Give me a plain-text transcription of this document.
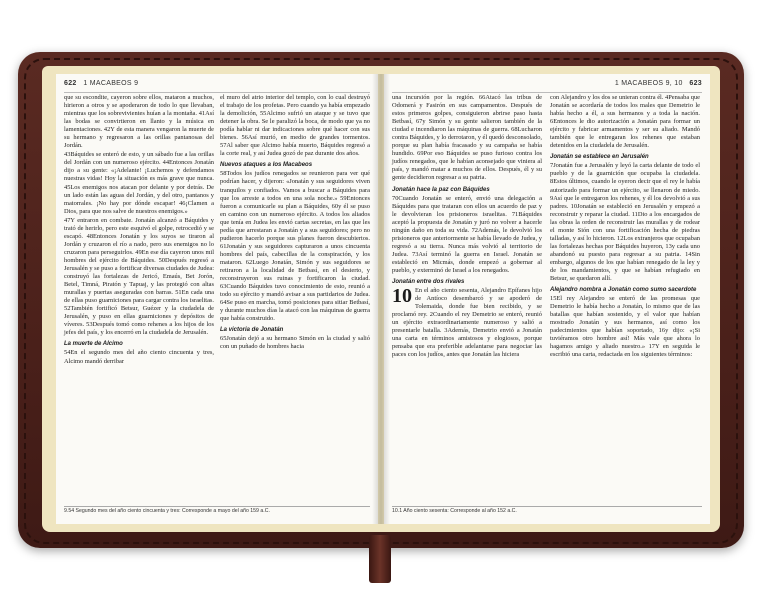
622 1 MACABEOS 9

que su escondite, cayeron sobre ellos, mataron a muchos, hirieron a otros y se apoderaron de todo lo que llevaban, mientras que los sobrevivientes huían a la montaña. 41Así las bodas se convirtieron en llanto y la música en lamentaciones. 42Y de esta manera vengaron la muerte de su hermano y regresaron a las orillas pantanosas del Jordán.

43Báquides se enteró de esto, y un sábado fue a las orillas del Jordán con un numeroso ejército. 44Entonces Jonatán dijo a su gente: «¡Adelante! ¡Luchemos y defendamos nuestras vidas! Hoy la situación es más grave que nunca. 45Los enemigos nos atacan por delante y por detrás. De un lado están las aguas del Jordán, y del otro, pantanos y matorrales. ¡No hay por dónde escapar! 46¡Clamen a Dios, para que nos salve de nuestros enemigos.»

47Y entraron en combate. Jonatán alcanzó a Báquides y trató de herirlo, pero este esquivó el golpe, retrocedió y se escapó. 48Entonces Jonatán y los suyos se tiraron al Jordán y cruzaron el río a nado, pero sus enemigos no lo cruzaron para perseguirlos. 49En ese día cayeron unos mil hombres del ejército de Báquides. 50Después regresó a Jerusalén y se puso a fortificar diversas ciudades de Judea: construyó las fortalezas de Jericó, Emaús, Bet Jorón, Betel, Timná, Piratón y Tapuaj, y las protegió con altas murallas y puertas aseguradas con barras. 51En cada una de ellas puso guarniciones para cargar contra los israelitas. 52También fortificó Betsur, Guézer y la ciudadela de Jerusalén, y puso en ellas guarniciones y depósitos de víveres. 53Después tomó como rehenes a los hijos de los jefes del país, y los encerró en la ciudadela de Jerusalén.

La muerte de Alcimo

54En el segundo mes del año ciento cincuenta y tres, Alcimo mandó derribar

el muro del atrio interior del templo, con lo cual destruyó el trabajo de los profetas. Pero cuando ya había empezado la demolición, 55Alcimo sufrió un ataque y se tuvo que detener la obra. Se le paralizó la boca, de modo que ya no podía hablar ni dar indicaciones sobre qué hacer con sus bienes. 56Así murió, en medio de grandes tormentos. 57Al saber que Alcimo había muerto, Báquides regresó a la corte real, y así Judea gozó de paz durante dos años.

Nuevos ataques a los Macabeos

58Todos los judíos renegados se reunieron para ver qué podrían hacer, y dijeron: «Jonatán y sus seguidores viven tranquilos y confiados. Vamos a buscar a Báquides para que los arreste a todos en una sola noche.» 59Entonces fueron a comunicarle su plan a Báquides, 60y él se puso en camino con un numeroso ejército. A todos los aliados que tenía en Judea les envió cartas secretas, en las que les pedía que arrestaran a Jonatán y a sus seguidores; pero no pudieron hacerlo porque sus planes fueron descubiertos. 61Jonatán y sus seguidores capturaron a unos cincuenta hombres del país, cabecillas de la conspiración, y los mataron. 62Luego Jonatán, Simón y sus seguidores se retiraron a la localidad de Betbasí, en el desierto, y reconstruyeron sus ruinas y fortificaron la ciudad. 63Cuando Báquides tuvo conocimiento de esto, reunió a todo su ejército y mandó avisar a sus partidarios de Judea. 64Se puso en marcha, tomó posiciones para sitiar Betbasí, y durante muchos días la atacó con las máquinas de guerra que había construido.

La victoria de Jonatán

65Jonatán dejó a su hermano Simón en la ciudad y salió con un puñado de hombres hacia

9.54 Segundo mes del año ciento cincuenta y tres: Corresponde a mayo del año 159 a.C.
1 MACABEOS 9, 10 623

una incursión por la región. 66Atacó las tribus de Odomerá y Fasirón en sus campamentos. Después de estos primeros golpes, consiguieron abrirse paso hasta Betbasí, 67y Simón y su gente salieron también de la ciudad e incendiaron las máquinas de guerra. 68Lucharon contra Báquides, y lo derrotaron, y él quedó desconsolado, porque su plan había fracasado y su campaña se había hundido. 69Por eso Báquides se puso furioso contra los judíos renegados, que le habían aconsejado que viniera al país, y mandó matar a muchos de ellos. Después, él y su gente decidieron regresar a su patria.

Jonatán hace la paz con Báquides

70Cuando Jonatán se enteró, envió una delegación a Báquides para que trataran con ellos un acuerdo de paz y le devolvieran los prisioneros israelitas. 71Báquides aceptó la propuesta de Jonatán y juró no volver a hacerle ningún daño en toda su vida. 72Además, le devolvió los prisioneros que anteriormente se había llevado de Judea, y regresó a su tierra. Nunca más volvió al territorio de Judea. 73Así terminó la guerra en Israel. Jonatán se estableció en Micmás, donde empezó a gobernar al pueblo, y exterminó de Israel a los renegados.

Jonatán entre dos rivales

10 En el año ciento sesenta, Alejandro Epífanes hijo de Antíoco desembarcó y se apoderó de Tolemaida, donde fue bien recibido, y se proclamó rey. 2Cuando el rey Demetrio se enteró, reunió un ejército extraordinariamente numeroso y salió a presentarle batalla. 3Además, Demetrio envió a Jonatán una carta en términos amistosos y elogiosos, porque pensaba que era preferible adelantarse para negociar las paces con los judíos, antes que Jonatán las hiciera

con Alejandro y los dos se unieran contra él. 4Pensaba que Jonatán se acordaría de todos los males que Demetrio le había hecho a él, a sus hermanos y a toda la nación. 6Entonces le dio autorización a Jonatán para formar un ejército y fabricar armamentos y ser su aliado. Mandó también que le entregaran los rehenes que estaban detenidos en la ciudadela de Jerusalén.

Jonatán se establece en Jerusalén

7Jonatán fue a Jerusalén y leyó la carta delante de todo el pueblo y de la guarnición que ocupaba la ciudadela. 8Estos últimos, cuando le oyeron decir que el rey le había autorizado para formar un ejército, se llenaron de miedo. 9Así que le entregaron los rehenes, y él los devolvió a sus padres. 10Jonatán se estableció en Jerusalén y empezó a reconstruir y reparar la ciudad. 11Dio a los encargados de las obras la orden de reconstruir las murallas y de rodear el monte Sión con una fortificación hecha de piedras talladas, y así lo hicieron. 12Los extranjeros que ocupaban las fortalezas hechas por Báquides huyeron, 13y cada uno abandonó su puesto para regresar a su patria. 14Sin embargo, algunos de los que habían renegado de la ley y de los mandamientos, y que se habían refugiado en Betsur, se quedaron allí.

Alejandro nombra a Jonatán como sumo sacerdote

15El rey Alejandro se enteró de las promesas que Demetrio le había hecho a Jonatán, lo mismo que de las batallas que habían sostenido, y el valor que habían mostrado Jonatán y sus hermanos, así como los padecimientos que habían soportado, 16y dijo: «¡Si tuviéramos otro hombre así! Más vale que ahora lo hagamos amigo y aliado nuestro.» 17Y en seguida le escribió una carta, redactada en los siguientes términos:

10.1 Año ciento sesenta: Corresponde al año 152 a.C.
